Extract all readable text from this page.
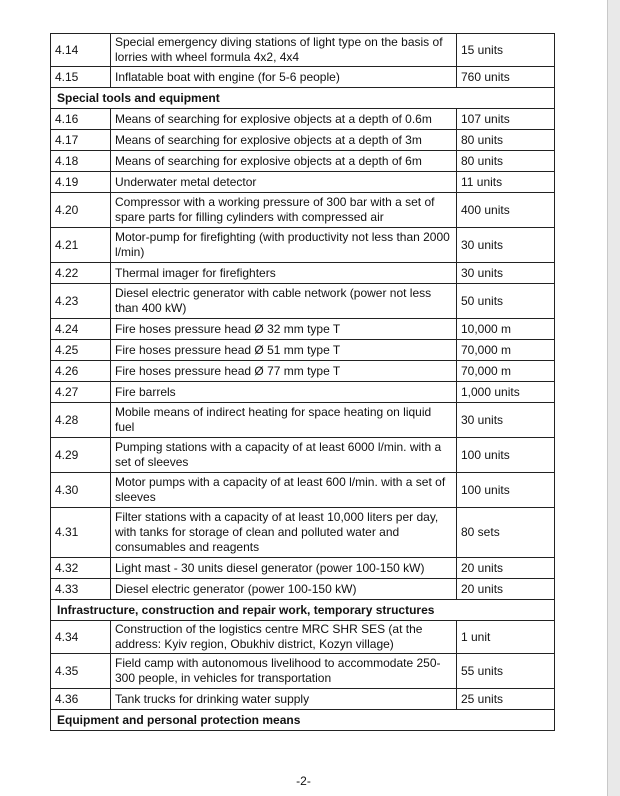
4.14	Special emergency diving stations of light type on the basis of lorries with wheel formula 4x2, 4x4	15 units
4.15	Inflatable boat with engine (for 5-6 people)	760 units
Special tools and equipment		
4.16	Means of searching for explosive objects at a depth of 0.6m	107 units
4.17	Means of searching for explosive objects at a depth of 3m	80 units
4.18	Means of searching for explosive objects at a depth of 6m	80 units
4.19	Underwater metal detector	11 units
4.20	Compressor with a working pressure of 300 bar with a set of spare parts for filling cylinders with compressed air	400 units
4.21	Motor-pump for firefighting (with productivity not less than 2000 l/min)	30 units
4.22	Thermal imager for firefighters	30 units
4.23	Diesel electric generator with cable network (power not less than 400 kW)	50 units
4.24	Fire hoses pressure head Ø 32 mm type T	10,000 m
4.25	Fire hoses pressure head Ø 51 mm type T	70,000 m
4.26	Fire hoses pressure head Ø 77 mm type T	70,000 m
4.27	Fire barrels	1,000 units
4.28	Mobile means of indirect heating for space heating on liquid fuel	30 units
4.29	Pumping stations with a capacity of at least 6000 l/min. with a set of sleeves	100 units
4.30	Motor pumps with a capacity of at least 600 l/min. with a set of sleeves	100 units
4.31	Filter stations with a capacity of at least 10,000 liters per day, with tanks for storage of clean and polluted water and consumables and reagents	80 sets
4.32	Light mast - 30 units diesel generator (power 100-150 kW)	20 units
4.33	Diesel electric generator (power 100-150 kW)	20 units
Infrastructure, construction and repair work, temporary structures		
4.34	Construction of the logistics centre MRC SHR SES (at the address: Kyiv region, Obukhiv district, Kozyn village)	1 unit
4.35	Field camp with autonomous livelihood to accommodate 250-300 people, in vehicles for transportation	55 units
4.36	Tank trucks for drinking water supply	25 units
Equipment and personal protection means		
-2-
